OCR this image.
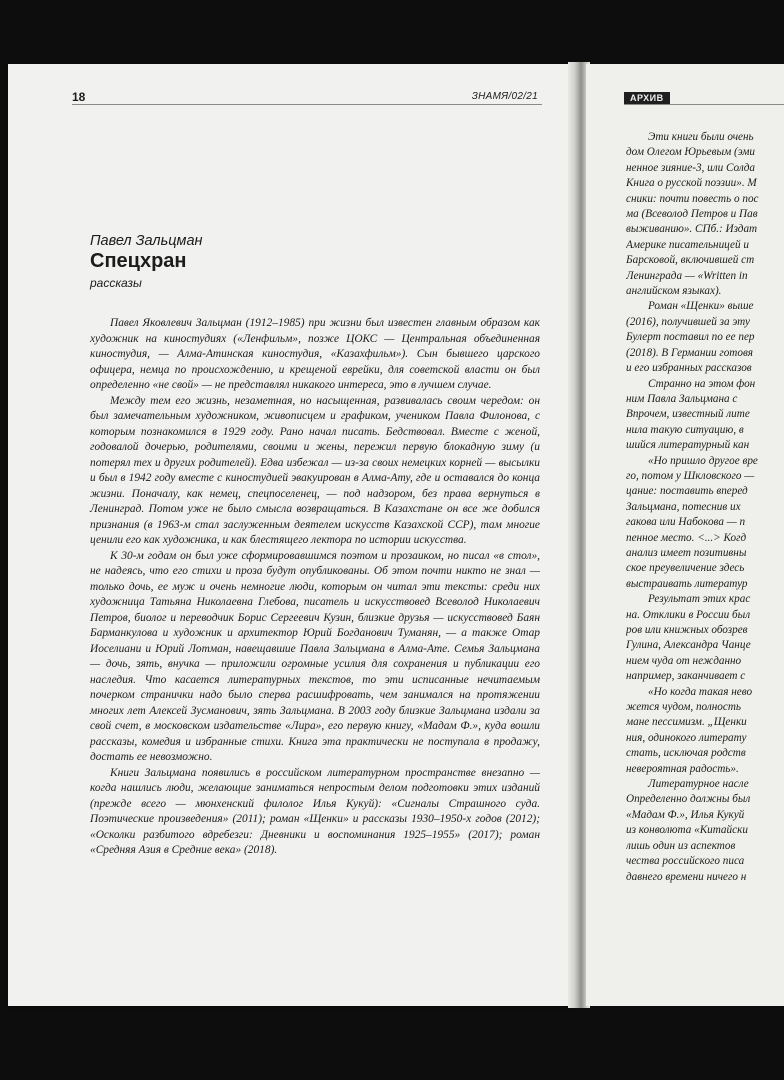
18	ЗНАМЯ/02/21
Павел Зальцман
Спецхран
рассказы

Павел Яковлевич Зальцман (1912–1985) при жизни был известен главным образом как художник на киностудиях («Ленфильм», позже ЦОКС — Центральная объединенная киностудия, — Алма-Атинская киностудия, «Казахфильм»). Сын бывшего царского офицера, немца по происхождению, и крещеной еврейки, для советской власти он был определенно «не свой» — не представлял никакого интереса, это в лучшем случае.

Между тем его жизнь, незаметная, но насыщенная, развивалась своим чередом: он был замечательным художником, живописцем и графиком, учеником Павла Филонова, с которым познакомился в 1929 году. Рано начал писать. Бедствовал. Вместе с женой, годовалой дочерью, родителями, своими и жены, пережил первую блокадную зиму (и потерял тех и других родителей). Едва избежал — из-за своих немецких корней — высылки и был в 1942 году вместе с киностудией эвакуирован в Алма-Ату, где и оставался до конца жизни. Поначалу, как немец, спецпоселенец, — под надзором, без права вернуться в Ленинград. Потом уже не было смысла возвращаться. В Казахстане он все же добился признания (в 1963-м стал заслуженным деятелем искусств Казахской ССР), там многие ценили его как художника, и как блестящего лектора по истории искусства.

К 30-м годам он был уже сформировавшимся поэтом и прозаиком, но писал «в стол», не надеясь, что его стихи и проза будут опубликованы. Об этом почти никто не знал — только дочь, ее муж и очень немногие люди, которым он читал эти тексты: среди них художница Татьяна Николаевна Глебова, писатель и искусствовед Всеволод Николаевич Петров, биолог и переводчик Борис Сергеевич Кузин, близкие друзья — искусствовед Баян Барманкулова и художник и архитектор Юрий Богданович Туманян, — а также Отар Иоселиани и Юрий Лотман, навещавшие Павла Зальцмана в Алма-Ате. Семья Зальцмана — дочь, зять, внучка — приложили огромные усилия для сохранения и публикации его наследия. Что касается литературных текстов, то эти исписанные нечитаемым почерком странички надо было сперва расшифровать, чем занимался на протяжении многих лет Алексей Зусманович, зять Зальцмана. В 2003 году близкие Зальцмана издали за свой счет, в московском издательстве «Лира», его первую книгу, «Мадам Ф.», куда вошли рассказы, комедия и избранные стихи. Книга эта практически не поступала в продажу, достать ее невозможно.

Книги Зальцмана появились в российском литературном пространстве внезапно — когда нашлись люди, желающие заниматься непростым делом подготовки этих изданий (прежде всего — мюнхенский филолог Илья Кукуй): «Сигналы Страшного суда. Поэтические произведения» (2011); роман «Щенки» и рассказы 1930–1950-х годов (2012); «Осколки разбитого вдребезги: Дневники и воспоминания 1925–1955» (2017); роман «Средняя Азия в Средние века» (2018).

АРХИВ
Эти книги были очень
дом Олегом Юрьевым (эми
ненное зияние-3, или Солда
Книга о русской поэзии». М
сники: почти повесть о пос
ма (Всеволод Петров и Пав
выживанию». СПб.: Издат
Америке писательницей и
Барсковой, включившей ст
Ленинграда — «Written in
английском языках).
Роман «Щенки» выше
(2016), получившей за эту
Булерт поставил по ее пер
(2018). В Германии готовя
и его избранных рассказов
Странно на этом фон
ним Павла Зальцмана с
Впрочем, известный лите
нила такую ситуацию, в
шийся литературный кан
«Но пришло другое вре
го, потом у Шкловского —
цание: поставить вперед
Зальцмана, потеснив их
гакова или Набокова — п
пенное место. <...> Когд
анализ имеет позитивны
ское преувеличение здесь
выстраивать литератур
Результат этих крас
на. Отклики в России был
ров или книжных обозрев
Гулина, Александра Чанце
нием чуда от нежданно
например, заканчивает с
«Но когда такая нево
жется чудом, полность
мане пессимизм. „Щенки
ния, одинокого литерату
стать, исключая родств
невероятная радость».
Литературное насле
Определенно должны был
«Мадам Ф.», Илья Кукуй
из конволюта «Китайски
лишь один из аспектов
чества российского писа
давнего времени ничего н
